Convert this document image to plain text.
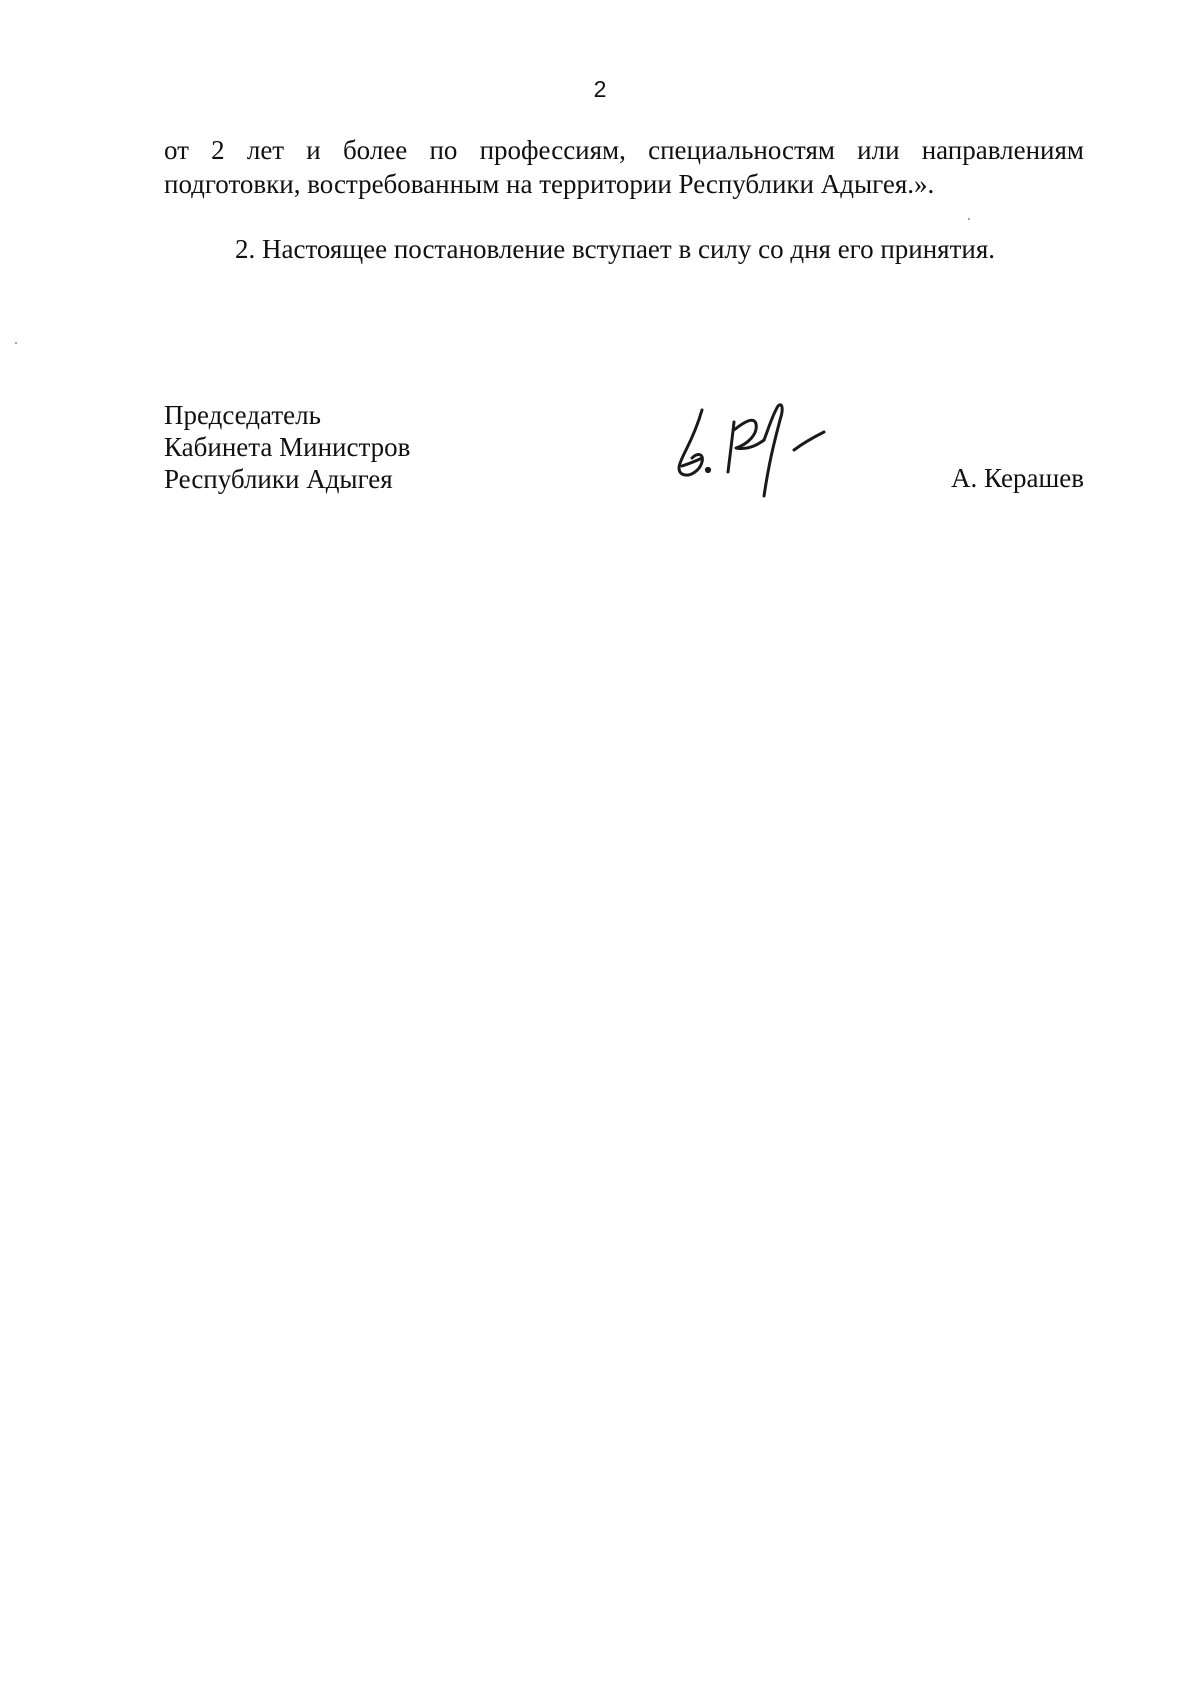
2
от 2 лет и более по профессиям, специальностям или направлениям
подготовки, востребованным на территории Республики Адыгея.».
2. Настоящее постановление вступает в силу со дня его принятия.
Председатель
Кабинета Министров
Республики Адыгея	А. Керашев
